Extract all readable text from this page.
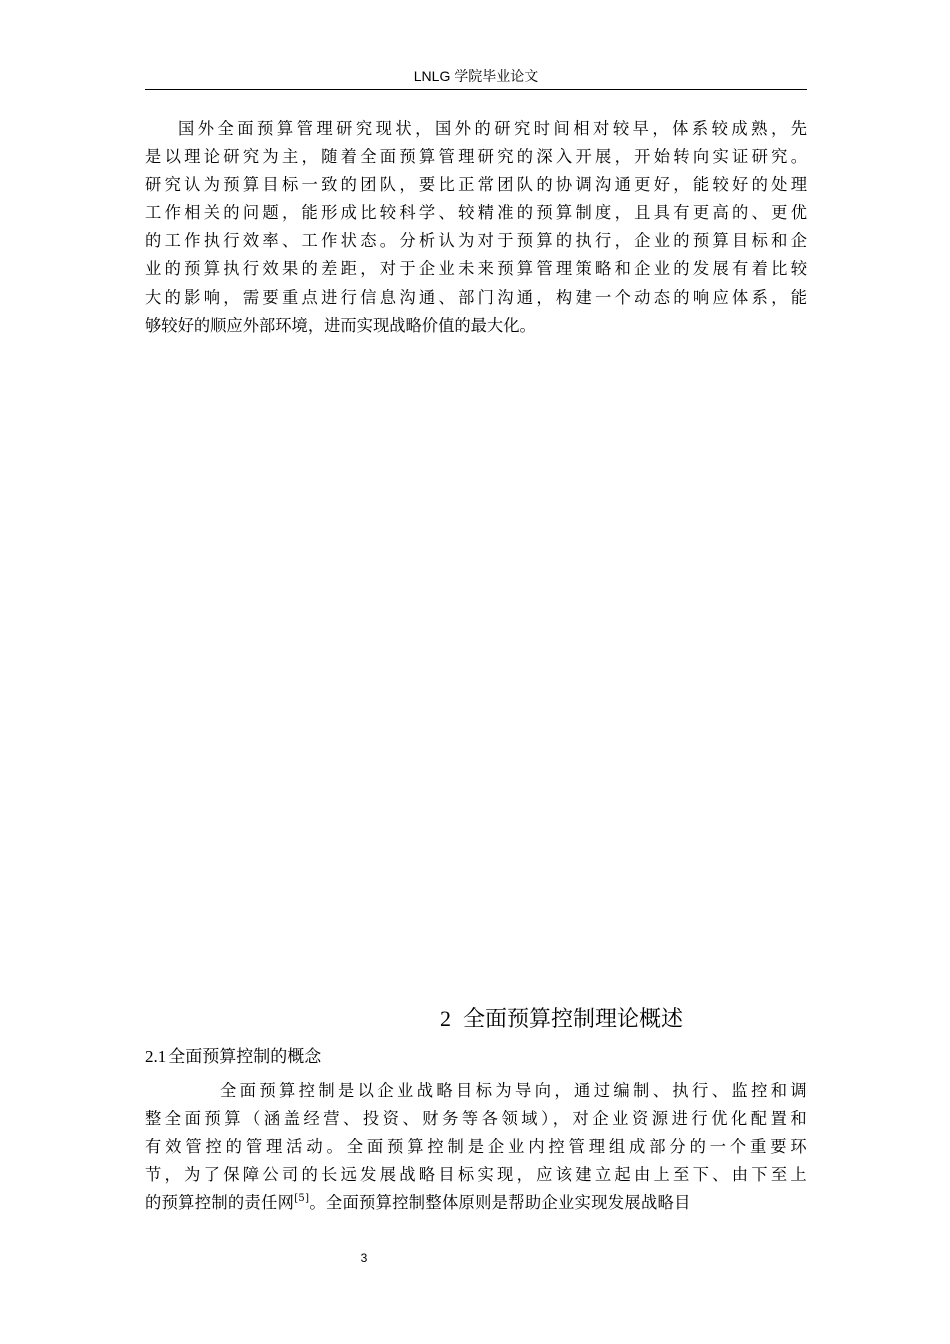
LNLG 学院毕业论文
国外全面预算管理研究现状，国外的研究时间相对较早，体系较成熟，先
是以理论研究为主，随着全面预算管理研究的深入开展，开始转向实证研究。
研究认为预算目标一致的团队，要比正常团队的协调沟通更好，能较好的处理
工作相关的问题，能形成比较科学、较精准的预算制度，且具有更高的、更优
的工作执行效率、工作状态。分析认为对于预算的执行，企业的预算目标和企
业的预算执行效果的差距，对于企业未来预算管理策略和企业的发展有着比较
大的影响，需要重点进行信息沟通、部门沟通，构建一个动态的响应体系，能
够较好的顺应外部环境，进而实现战略价值的最大化。
2 全面预算控制理论概述
2.1 全面预算控制的概念
全面预算控制是以企业战略目标为导向，通过编制、执行、监控和调
整全面预算（涵盖经营、投资、财务等各领域），对企业资源进行优化配置和
有效管控的管理活动。全面预算控制是企业内控管理组成部分的一个重要环
节，为了保障公司的长远发展战略目标实现，应该建立起由上至下、由下至上
的预算控制的责任网[5]。全面预算控制整体原则是帮助企业实现发展战略目
3
